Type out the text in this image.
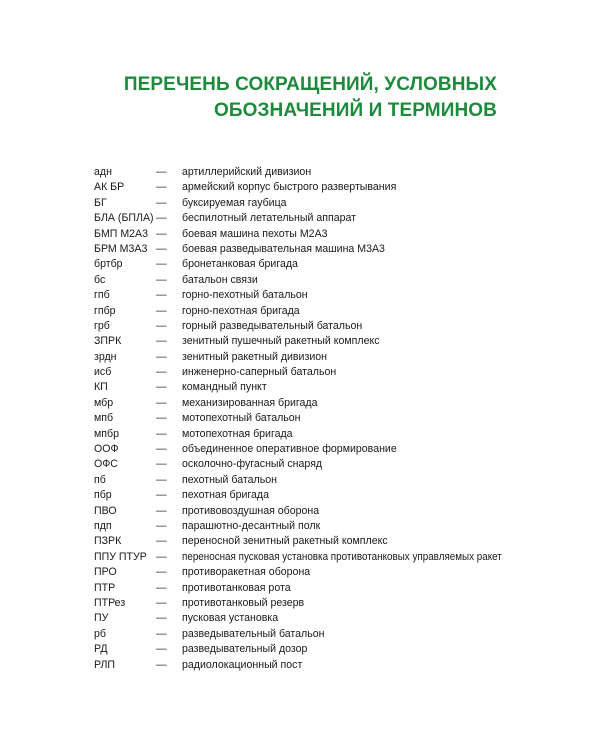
ПЕРЕЧЕНЬ СОКРАЩЕНИЙ, УСЛОВНЫХ
ОБОЗНАЧЕНИЙ И ТЕРМИНОВ
адн	—	артиллерийский дивизион
АК БР	—	армейский корпус быстрого развертывания
БГ	—	буксируемая гаубица
БЛА (БПЛА) —	беспилотный летательный аппарат
БМП М2А3 —	боевая машина пехоты М2А3
БРМ М3А3 —	боевая разведывательная машина М3А3
бртбр	—	бронетанковая бригада
бс	—	батальон связи
гпб	—	горно-пехотный батальон
гпбр	—	горно-пехотная бригада
грб	—	горный разведывательный батальон
ЗПРК	—	зенитный пушечный ракетный комплекс
зрдн	—	зенитный ракетный дивизион
исб	—	инженерно-саперный батальон
КП	—	командный пункт
мбр	—	механизированная бригада
мпб	—	мотопехотный батальон
мпбр	—	мотопехотная бригада
ООФ	—	объединенное оперативное формирование
ОФС	—	осколочно-фугасный снаряд
пб	—	пехотный батальон
пбр	—	пехотная бригада
ПВО	—	противовоздушная оборона
пдп	—	парашютно-десантный полк
ПЗРК	—	переносной зенитный ракетный комплекс
ППУ ПТУР —	переносная пусковая установка противотанковых управляемых ракет
ПРО	—	противоракетная оборона
ПТР	—	противотанковая рота
ПТРез	—	противотанковый резерв
ПУ	—	пусковая установка
рб	—	разведывательный батальон
РД	—	разведывательный дозор
РЛП	—	радиолокационный пост
